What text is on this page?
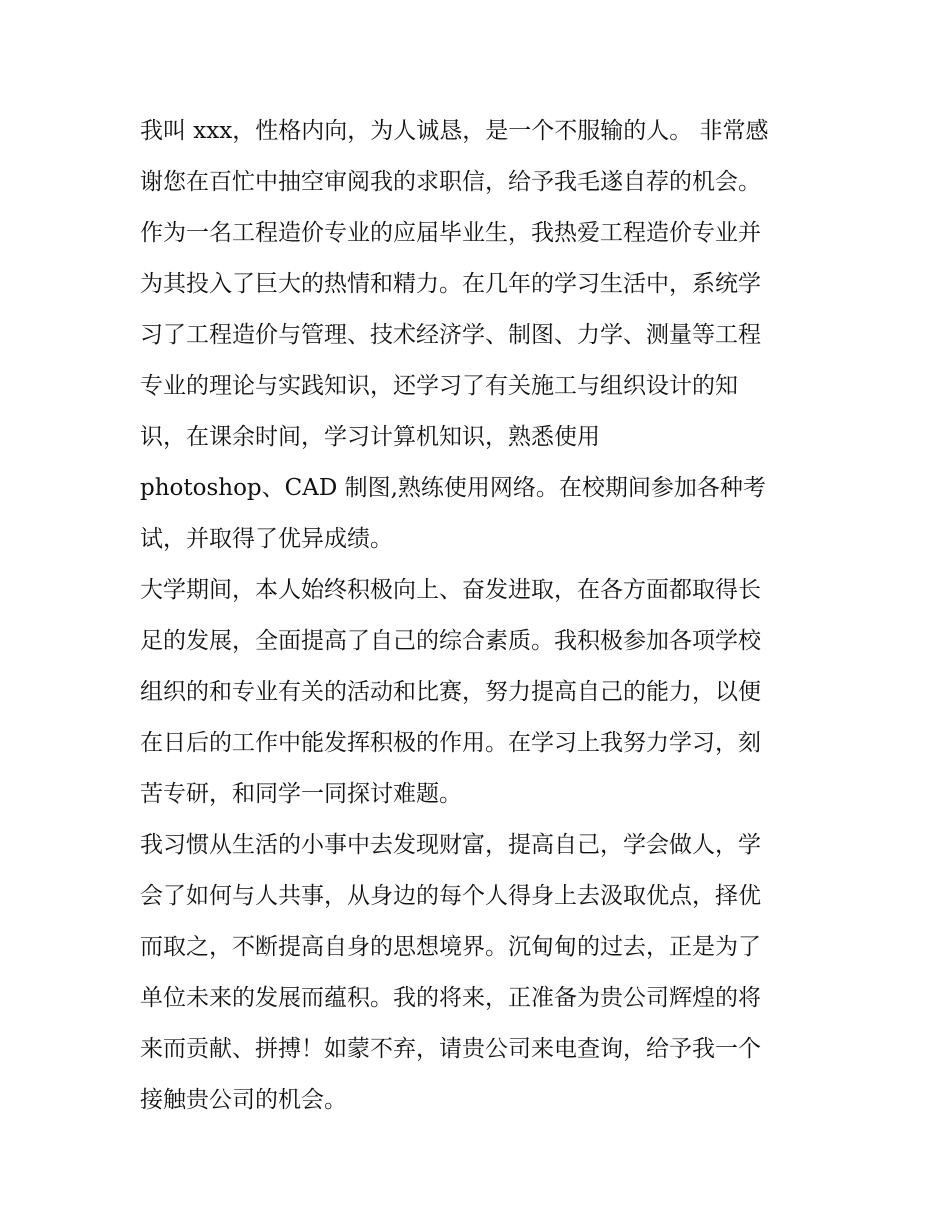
我叫 xxx，性格内向，为人诚恳，是一个不服输的人。 非常感
谢您在百忙中抽空审阅我的求职信，给予我毛遂自荐的机会。
作为一名工程造价专业的应届毕业生，我热爱工程造价专业并
为其投入了巨大的热情和精力。在几年的学习生活中，系统学
习了工程造价与管理、技术经济学、制图、力学、测量等工程
专业的理论与实践知识，还学习了有关施工与组织设计的知
识，在课余时间，学习计算机知识，熟悉使用
photoshop、CAD 制图,熟练使用网络。在校期间参加各种考
试，并取得了优异成绩。
大学期间，本人始终积极向上、奋发进取，在各方面都取得长
足的发展，全面提高了自己的综合素质。我积极参加各项学校
组织的和专业有关的活动和比赛，努力提高自己的能力，以便
在日后的工作中能发挥积极的作用。在学习上我努力学习，刻
苦专研，和同学一同探讨难题。
我习惯从生活的小事中去发现财富，提高自己，学会做人，学
会了如何与人共事，从身边的每个人得身上去汲取优点，择优
而取之，不断提高自身的思想境界。沉甸甸的过去，正是为了
单位未来的发展而蕴积。我的将来，正准备为贵公司辉煌的将
来而贡献、拼搏！如蒙不弃，请贵公司来电查询，给予我一个
接触贵公司的机会。
